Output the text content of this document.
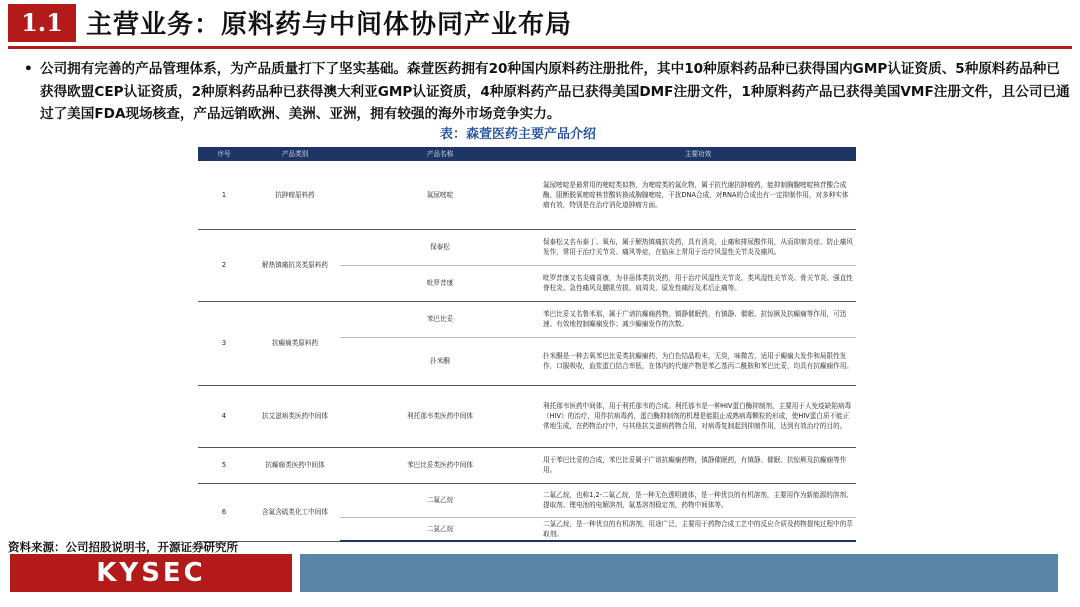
1.1 主营业务：原料药与中间体协同产业布局
• 公司拥有完善的产品管理体系，为产品质量打下了坚实基础。森萱医药拥有20种国内原料药注册批件，其中10种原料药品种已获得国内GMP认证资质、5种原料药品种已获得欧盟CEP认证资质，2种原料药品种已获得澳大利亚GMP认证资质，4种原料药产品已获得美国DMF注册文件，1种原料药产品已获得美国VMF注册文件，且公司已通过了美国FDA现场核查，产品远销欧洲、美洲、亚洲，拥有较强的海外市场竞争实力。
表：森萱医药主要产品介绍
序号	产品类别	产品名称	主要功效
1	抗肿瘤原料药	氟尿嘧啶	氟尿嘧啶是最常用的嘧啶类似物，为嘧啶类的氟化物，属于抗代谢抗肿瘤药，能抑制胸腺嘧啶核苷酸合成酶，阻断脱氧嘧啶核苷酸转换成胸腺嘧啶，干扰DNA合成，对RNA的合成也有一定抑制作用，对多种实体瘤有效，特别是在治疗消化道肿瘤方面。
2	解热镇痛抗炎类原料药	保泰松	保泰松又名布泰丁、氧布，属于解热镇痛抗炎药，具有消炎、止痛和排尿酸作用，从而抑制炎症、防止痛风发作，常用于治疗关节炎、痛风等症，在临床上常用于治疗风湿性关节炎及痛风。
		吡罗昔康	吡罗昔康又名炎痛喜康，为非甾体类抗炎药，用于治疗风湿性关节炎、类风湿性关节炎、骨关节炎、强直性脊柱炎、急性痛风及腰肌劳损、肩周炎、原发性痛经及术后止痛等。
3	抗癫痫类原料药	苯巴比妥	苯巴比妥又名鲁米那，属于广谱抗癫痫药物，镇静催眠药，有镇静、催眠、抗惊厥及抗癫痫等作用，可迅速、有效地控制癫痫发作；减少癫痫发作的次数。
		扑米酮	扑米酮是一种去氧苯巴比妥类抗癫痫药，为白色结晶粉末，无臭，味微苦，适用于癫痫大发作和局限性发作，口服吸收，血浆蛋白结合率低，在体内的代谢产物是苯乙基丙二酰胺和苯巴比妥，均具有抗癫痫作用。
4	抗艾滋病类医药中间体	利托那韦类医药中间体	利托那韦医药中间体，用于利托那韦的合成。利托那韦是一种HIV蛋白酶抑制剂，主要用于人免疫缺陷病毒（HIV）的治疗，用作抗病毒药，蛋白酶抑制剂的机理是能阻止成熟病毒颗粒的形成，使HIV蛋白质不能正常地生成，在药物治疗中，与其他抗艾滋病药物合用，对病毒复制起到抑制作用，达到有效治疗的目的。
5	抗癫痫类医药中间体	苯巴比妥类医药中间体	用于苯巴比妥的合成，苯巴比妥属于广谱抗癫痫药物，镇静催眠药，有镇静、催眠、抗惊厥及抗癫痫等作用。
6	含氟含硫类化工中间体	二氟乙烷	二氟乙烷，也称1,2-二氟乙烷，是一种无色透明液体，是一种优良的有机溶剂，主要用作为新能源的溶剂、提取剂、锂电池的电解溶剂，氟基溶剂稳定剂，药物中间体等。
		二氯乙烷	二氯乙烷，是一种优良的有机溶剂，用途广泛，主要用于药物合成工艺中的反应介质及药物提纯过程中的萃取剂。
资料来源：公司招股说明书，开源证券研究所
KYSEC
